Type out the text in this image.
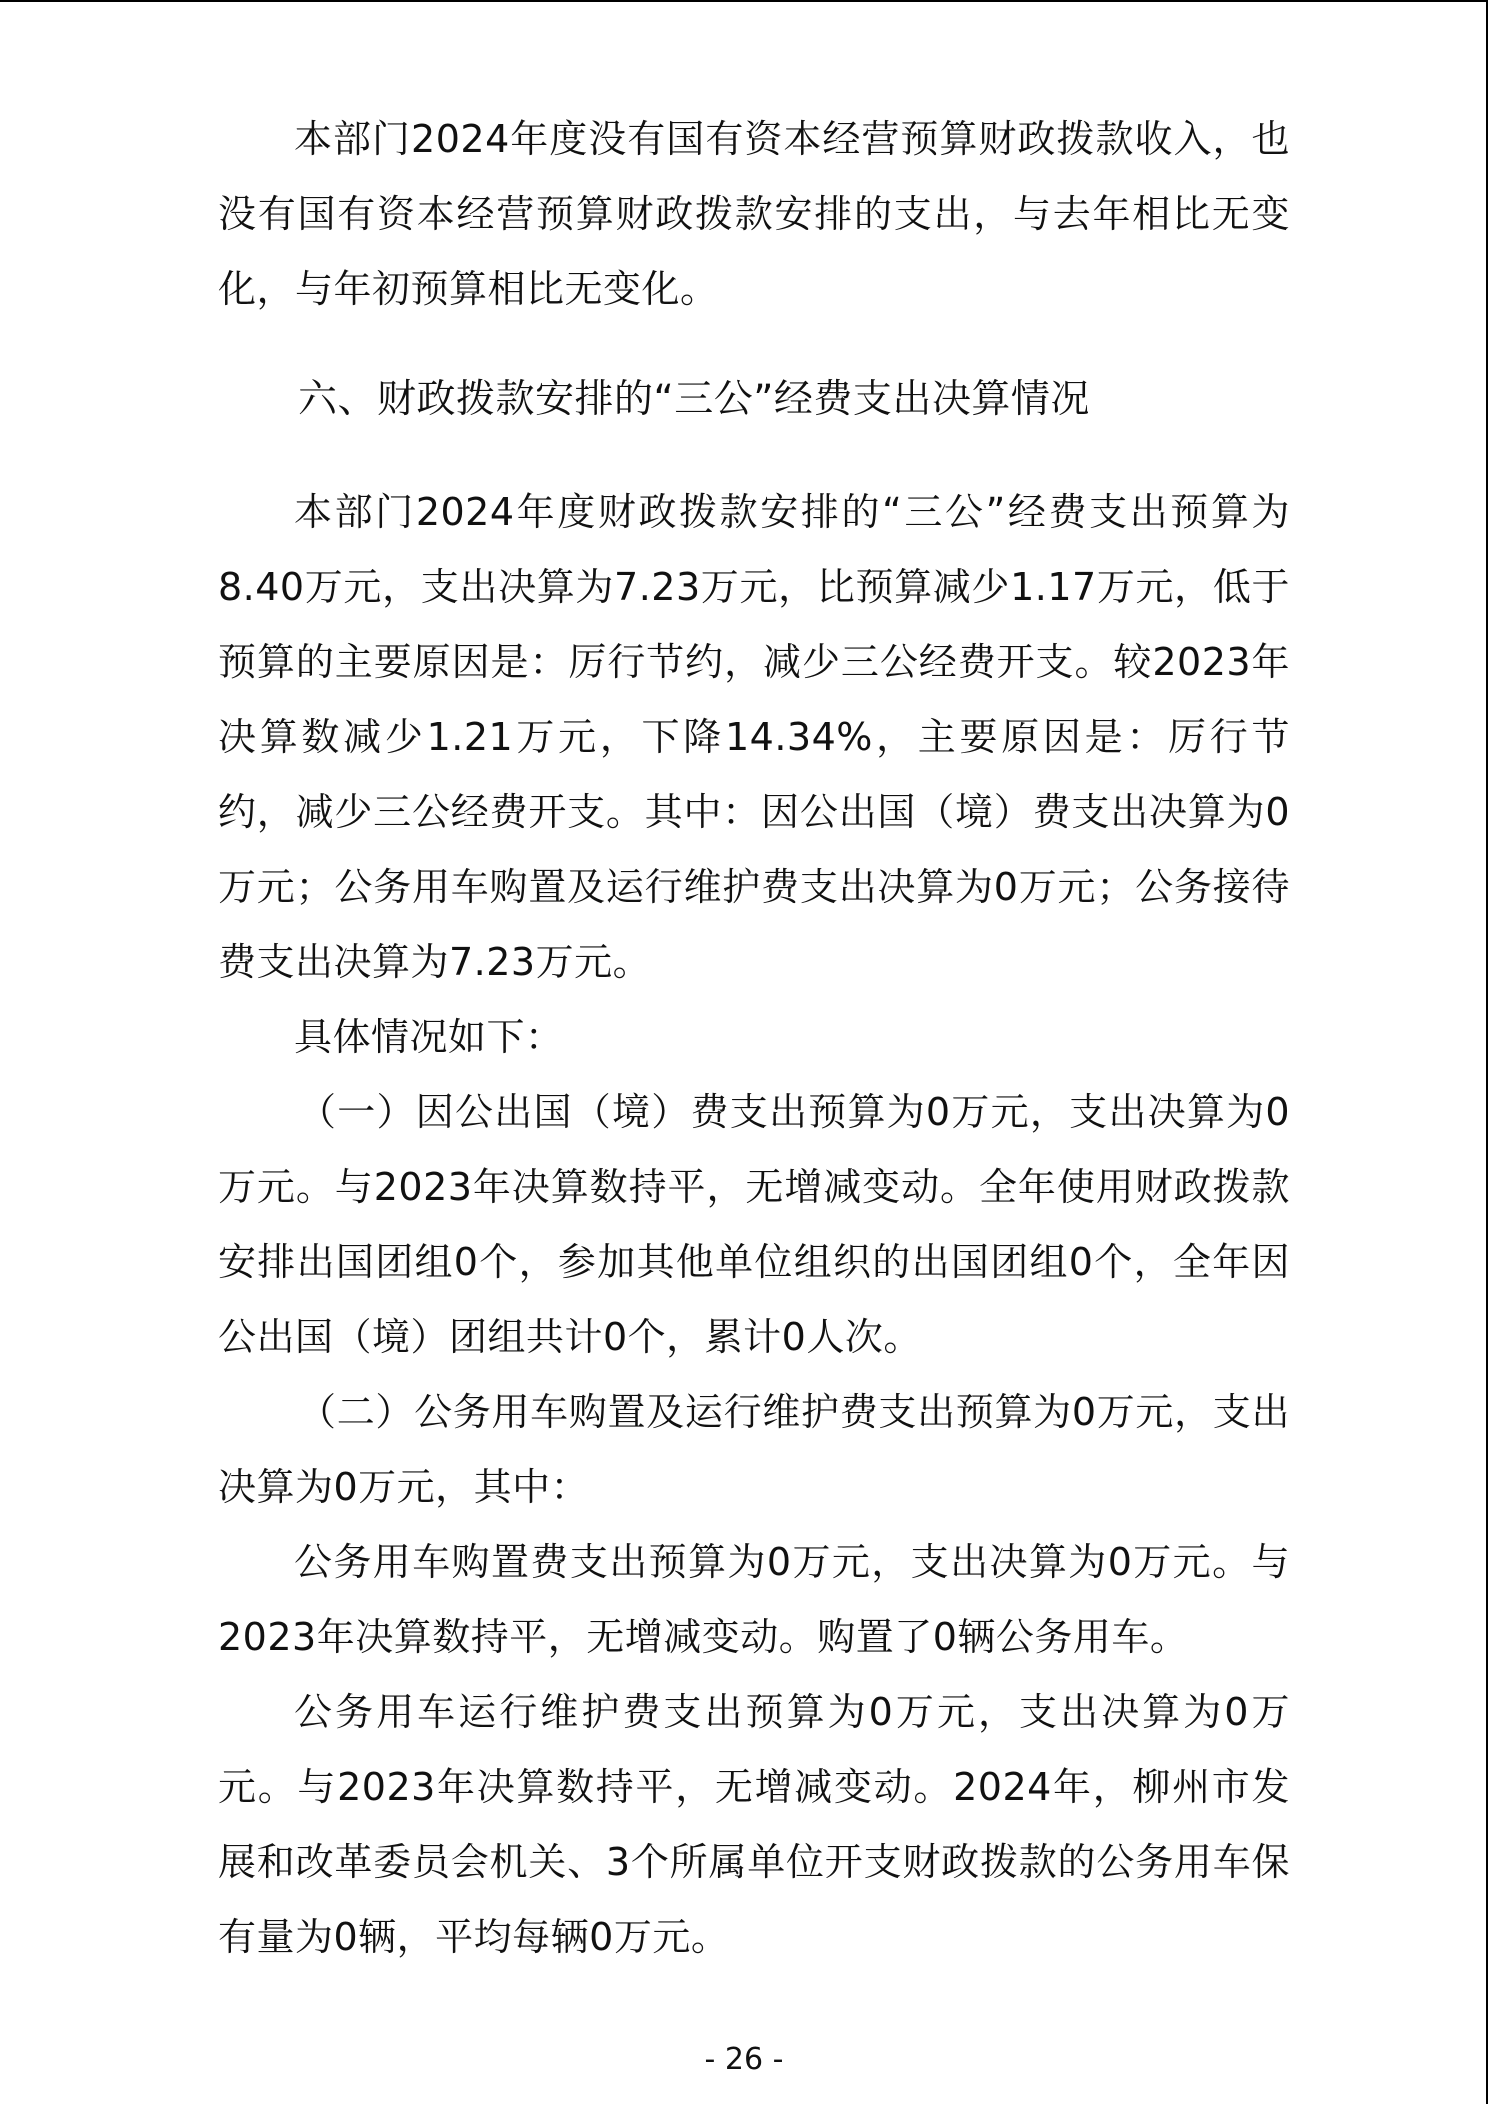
本部门2024年度没有国有资本经营预算财政拨款收入，也没有国有资本经营预算财政拨款安排的支出，与去年相比无变化，与年初预算相比无变化。

六、财政拨款安排的“三公”经费支出决算情况

本部门2024年度财政拨款安排的“三公”经费支出预算为8.40万元，支出决算为7.23万元，比预算减少1.17万元，低于预算的主要原因是：厉行节约，减少三公经费开支。较2023年决算数减少1.21万元，下降14.34%，主要原因是：厉行节约，减少三公经费开支。其中：因公出国（境）费支出决算为0万元；公务用车购置及运行维护费支出决算为0万元；公务接待费支出决算为7.23万元。

具体情况如下：

（一）因公出国（境）费支出预算为0万元，支出决算为0万元。与2023年决算数持平，无增减变动。全年使用财政拨款安排出国团组0个，参加其他单位组织的出国团组0个，全年因公出国（境）团组共计0个，累计0人次。

（二）公务用车购置及运行维护费支出预算为0万元，支出决算为0万元，其中：

公务用车购置费支出预算为0万元，支出决算为0万元。与2023年决算数持平，无增减变动。购置了0辆公务用车。

公务用车运行维护费支出预算为0万元，支出决算为0万元。与2023年决算数持平，无增减变动。2024年，柳州市发展和改革委员会机关、3个所属单位开支财政拨款的公务用车保有量为0辆，平均每辆0万元。

- 26 -
